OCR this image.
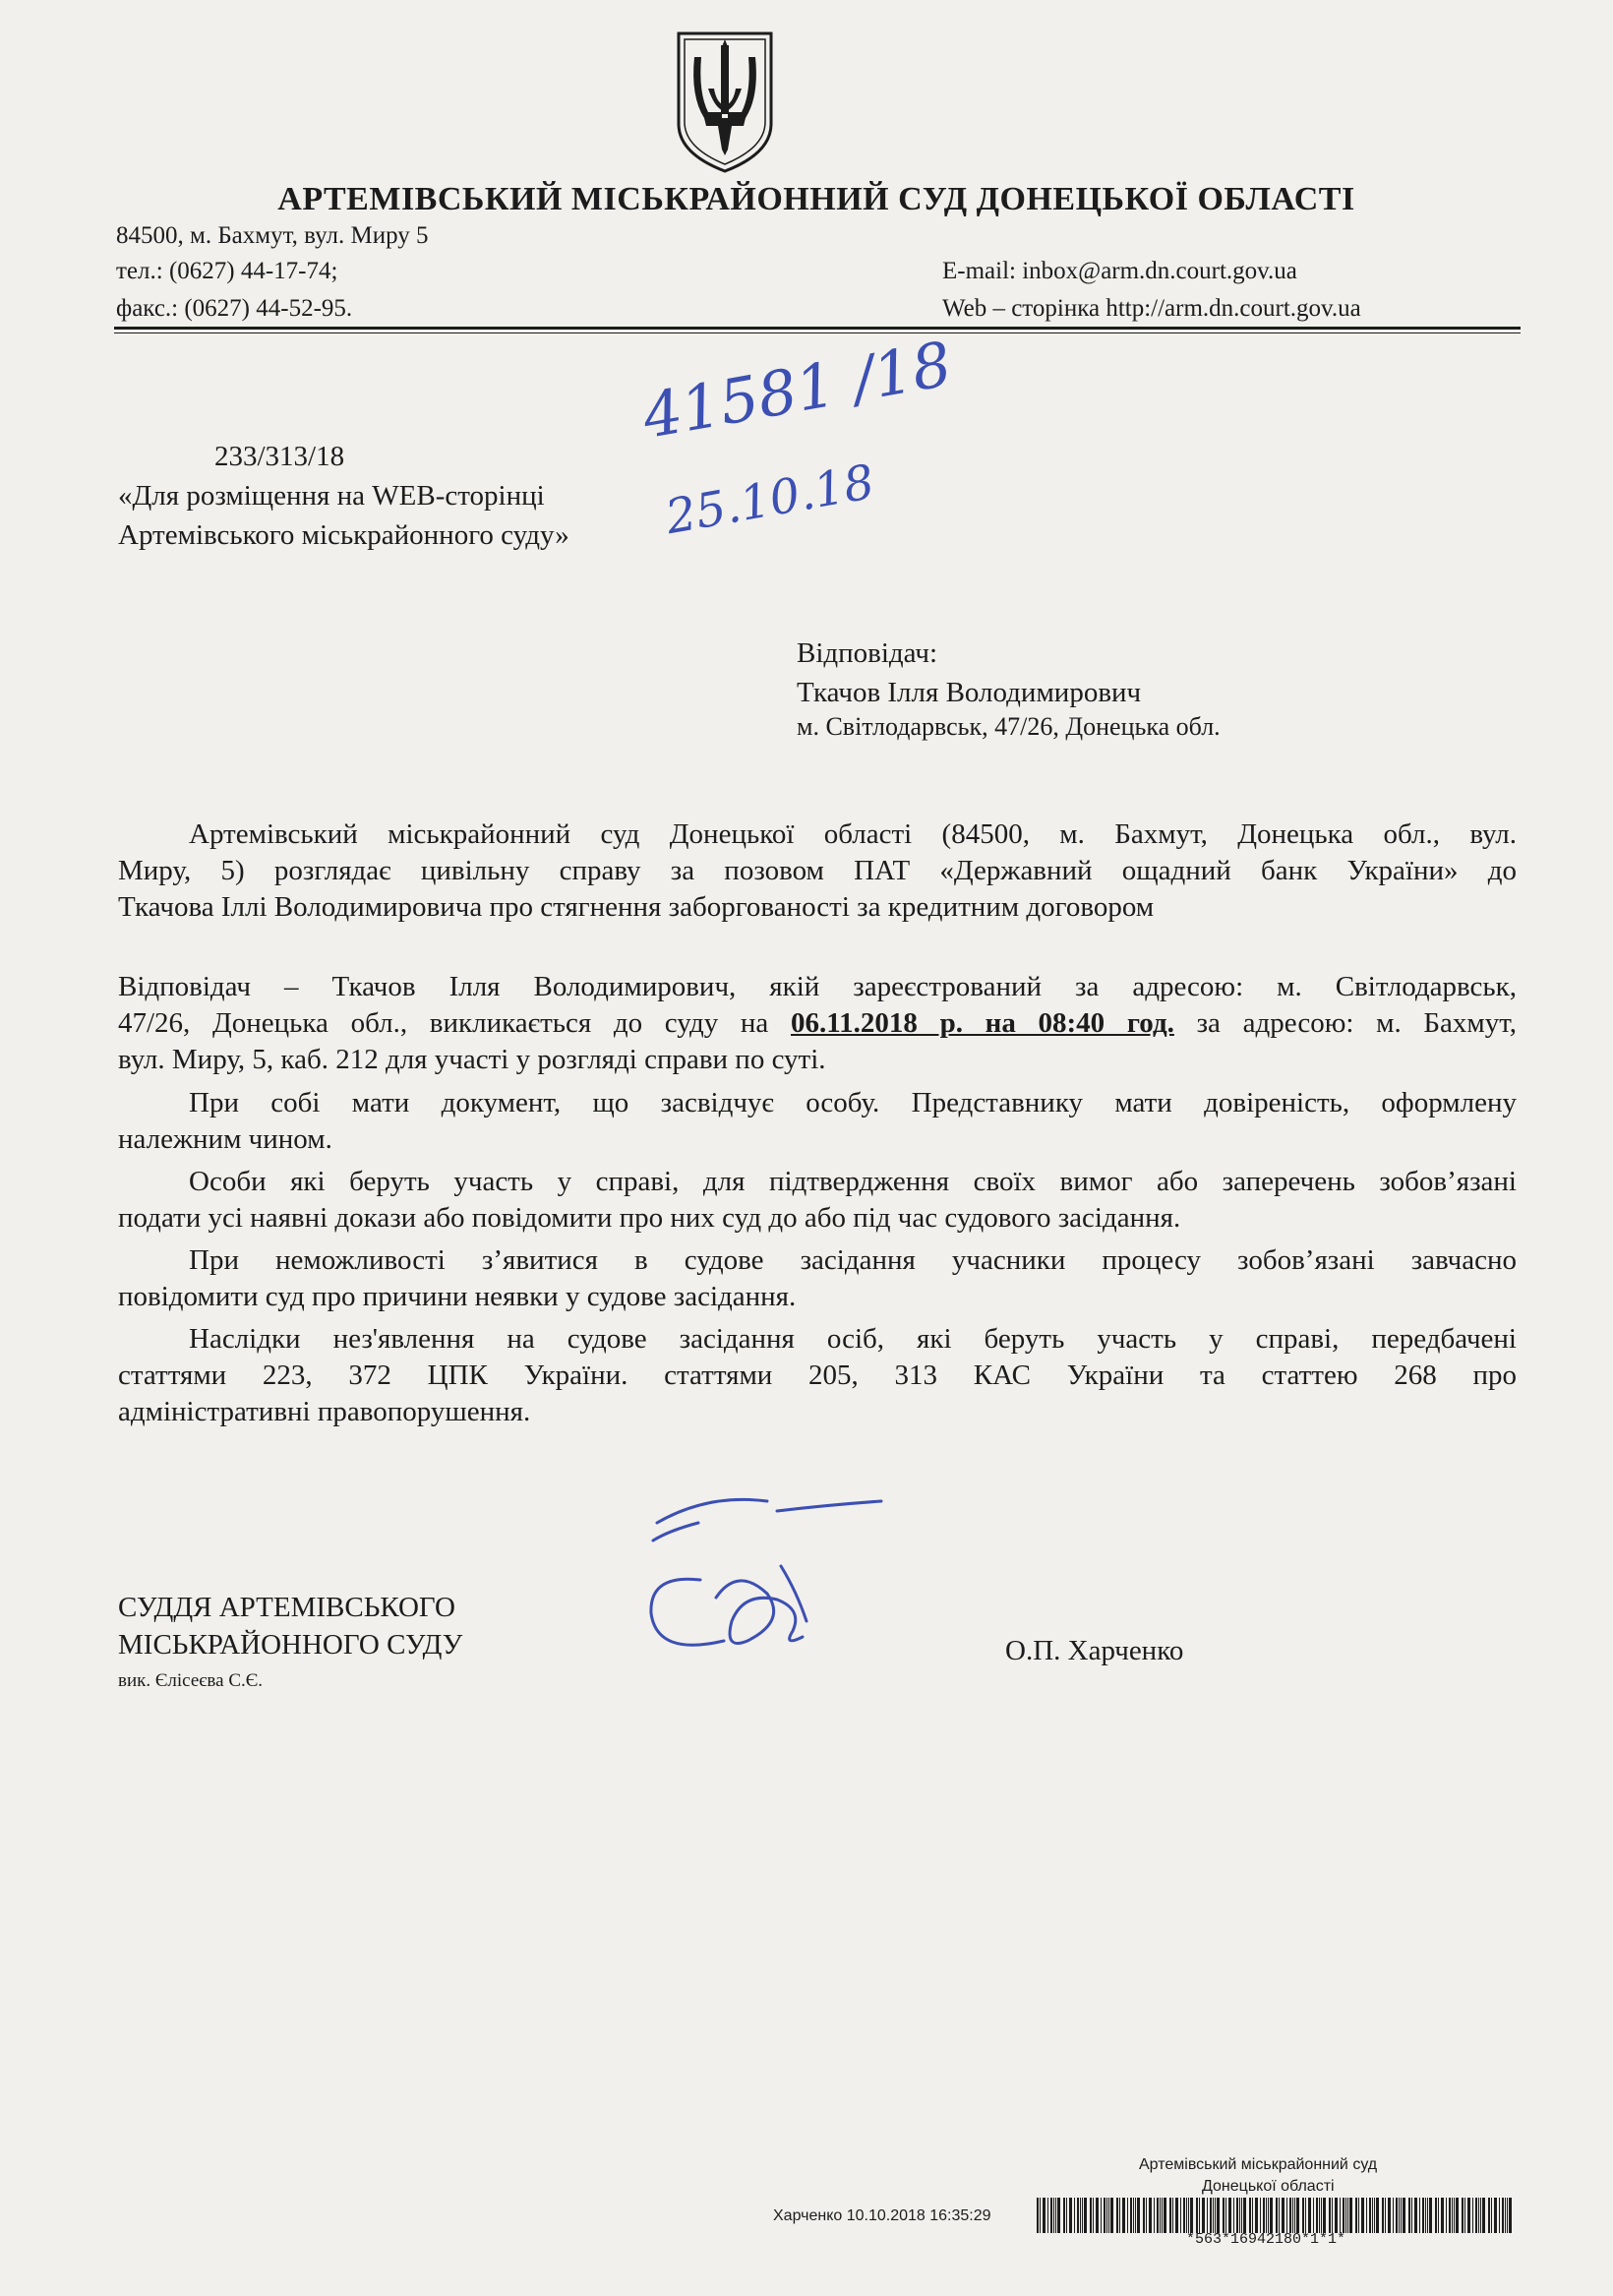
АРТЕМІВСЬКИЙ МІСЬКРАЙОННИЙ СУД ДОНЕЦЬКОЇ ОБЛАСТІ
84500, м. Бахмут, вул. Миру 5
тел.: (0627) 44-17-74;
факс.: (0627) 44-52-95.
E-mail: inbox@arm.dn.court.gov.ua
Web – сторінка http://arm.dn.court.gov.ua
233/313/18
«Для розміщення на WEB-сторінці
Артемівського міськрайонного суду»
41581 /18
25.10.18
Відповідач:
Ткачов Ілля Володимирович
м. Світлодарвськ, 47/26, Донецька обл.
Артемівський міськрайонний суд Донецької області (84500, м. Бахмут, Донецька обл., вул.
Миру, 5) розглядає цивільну справу за позовом ПАТ «Державний ощадний банк України» до
Ткачова Іллі Володимировича про стягнення заборгованості за кредитним договором
Відповідач – Ткачов Ілля Володимирович, якій зареєстрований за адресою: м. Світлодарвськ,
47/26, Донецька обл., викликається до суду на 06.11.2018 р. на 08:40 год. за адресою: м. Бахмут,
вул. Миру, 5, каб. 212 для участі у розгляді справи по суті.
При собі мати документ, що засвідчує особу. Представнику мати довіреність, оформлену
належним чином.
Особи які беруть участь у справі, для підтвердження своїх вимог або заперечень зобов’язані
подати усі наявні докази або повідомити про них суд до або під час судового засідання.
При неможливості з’явитися в судове засідання учасники процесу зобов’язані завчасно
повідомити суд про причини неявки у судове засідання.
Наслідки нез'явлення на судове засідання осіб, які беруть участь у справі, передбачені
статтями 223, 372 ЦПК України. статтями 205, 313 КАС України та статтею 268 про
адміністративні правопорушення.
СУДДЯ АРТЕМІВСЬКОГО
МІСЬКРАЙОННОГО СУДУ
вик. Єлісеєва С.Є.
О.П. Харченко
Артемівський міськрайонний суд
Донецької області
Харченко 10.10.2018 16:35:29
*563*16942180*1*1*
